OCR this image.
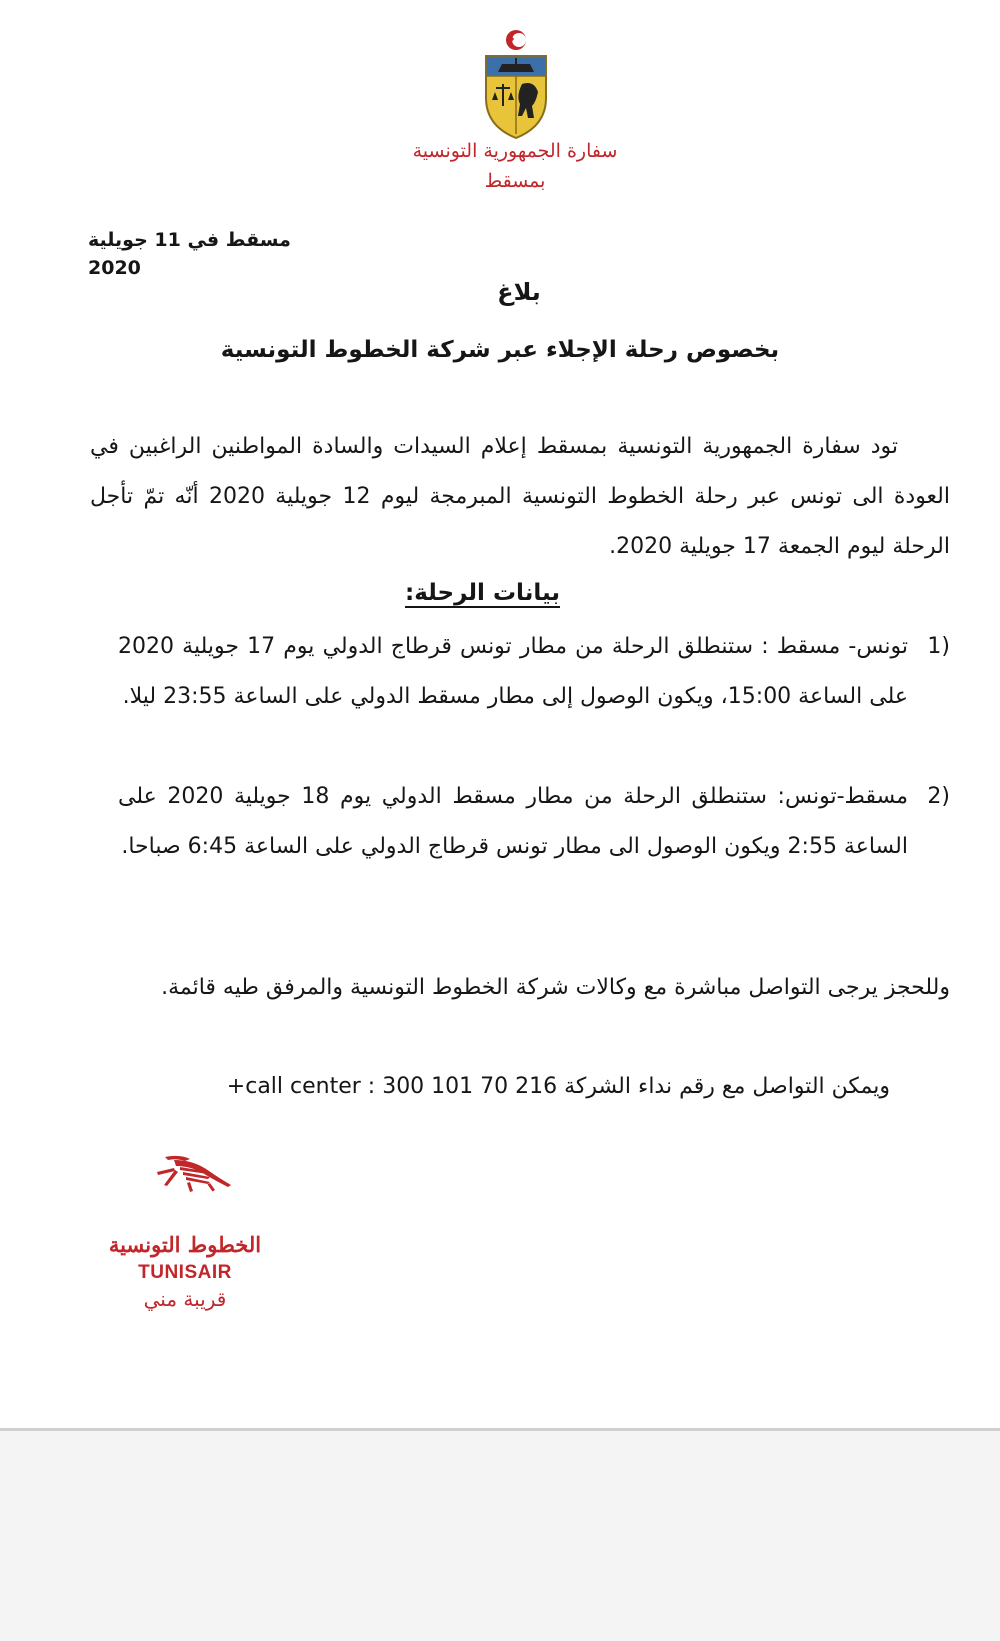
سفارة الجمهورية التونسية
بمسقط
مسقط في 11 جويلية 2020
بلاغ
بخصوص رحلة الإجلاء عبر شركة الخطوط التونسية
تود سفارة الجمهورية التونسية بمسقط إعلام السيدات والسادة المواطنين الراغبين في العودة الى تونس عبر رحلة الخطوط التونسية المبرمجة ليوم 12 جويلية 2020 أنّه تمّ تأجل الرحلة ليوم الجمعة 17 جويلية 2020.
بيانات الرحلة:
1)
تونس- مسقط : ستنطلق الرحلة من مطار تونس قرطاج الدولي يوم 17 جويلية 2020 على الساعة 15:00، ويكون الوصول إلى مطار مسقط الدولي على الساعة 23:55 ليلا.
2)
مسقط-تونس: ستنطلق الرحلة من مطار مسقط الدولي يوم 18 جويلية 2020 على الساعة 2:55 ويكون الوصول الى مطار تونس قرطاج الدولي على الساعة 6:45 صباحا.
وللحجز يرجى التواصل مباشرة مع وكالات شركة الخطوط التونسية والمرفق طيه قائمة.
ويمكن التواصل مع رقم نداء الشركة call center : 300 101 70 216+
الخطوط التونسية
TUNISAIR
قريبة مني
